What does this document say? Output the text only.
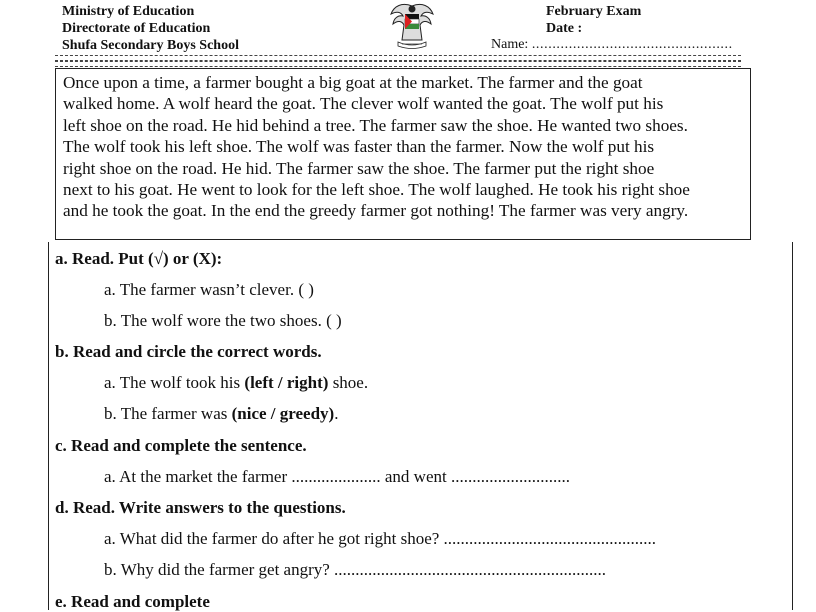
Ministry of Education
Directorate of Education
Shufa Secondary Boys School
February Exam
Date :
Name: .................................................
Once upon a time, a farmer bought a big goat at the market. The farmer and the goat
walked home. A wolf heard the goat. The clever wolf wanted the goat. The wolf put his
left shoe on the road. He hid behind a tree. The farmer saw the shoe. He wanted two shoes.
The wolf took his left shoe. The wolf was faster than the farmer. Now the wolf put his
right shoe on the road. He hid. The farmer saw the shoe. The farmer put the right shoe
next to his goat. He went to look for the left shoe. The wolf laughed. He took his right shoe
and he took the goat. In the end the greedy farmer got nothing! The farmer was very angry.
a. Read. Put (√) or (X):
a. The farmer wasn’t clever. ( )
b. The wolf wore the two shoes. ( )
b. Read and circle the correct words.
a. The wolf took his (left / right) shoe.
b. The farmer was (nice / greedy).
c. Read and complete the sentence.
a. At the market the farmer ..................... and went ............................
d. Read. Write answers to the questions.
a. What did the farmer do after he got right shoe? ..................................................
b. Why did the farmer get angry? ................................................................
e. Read and complete
